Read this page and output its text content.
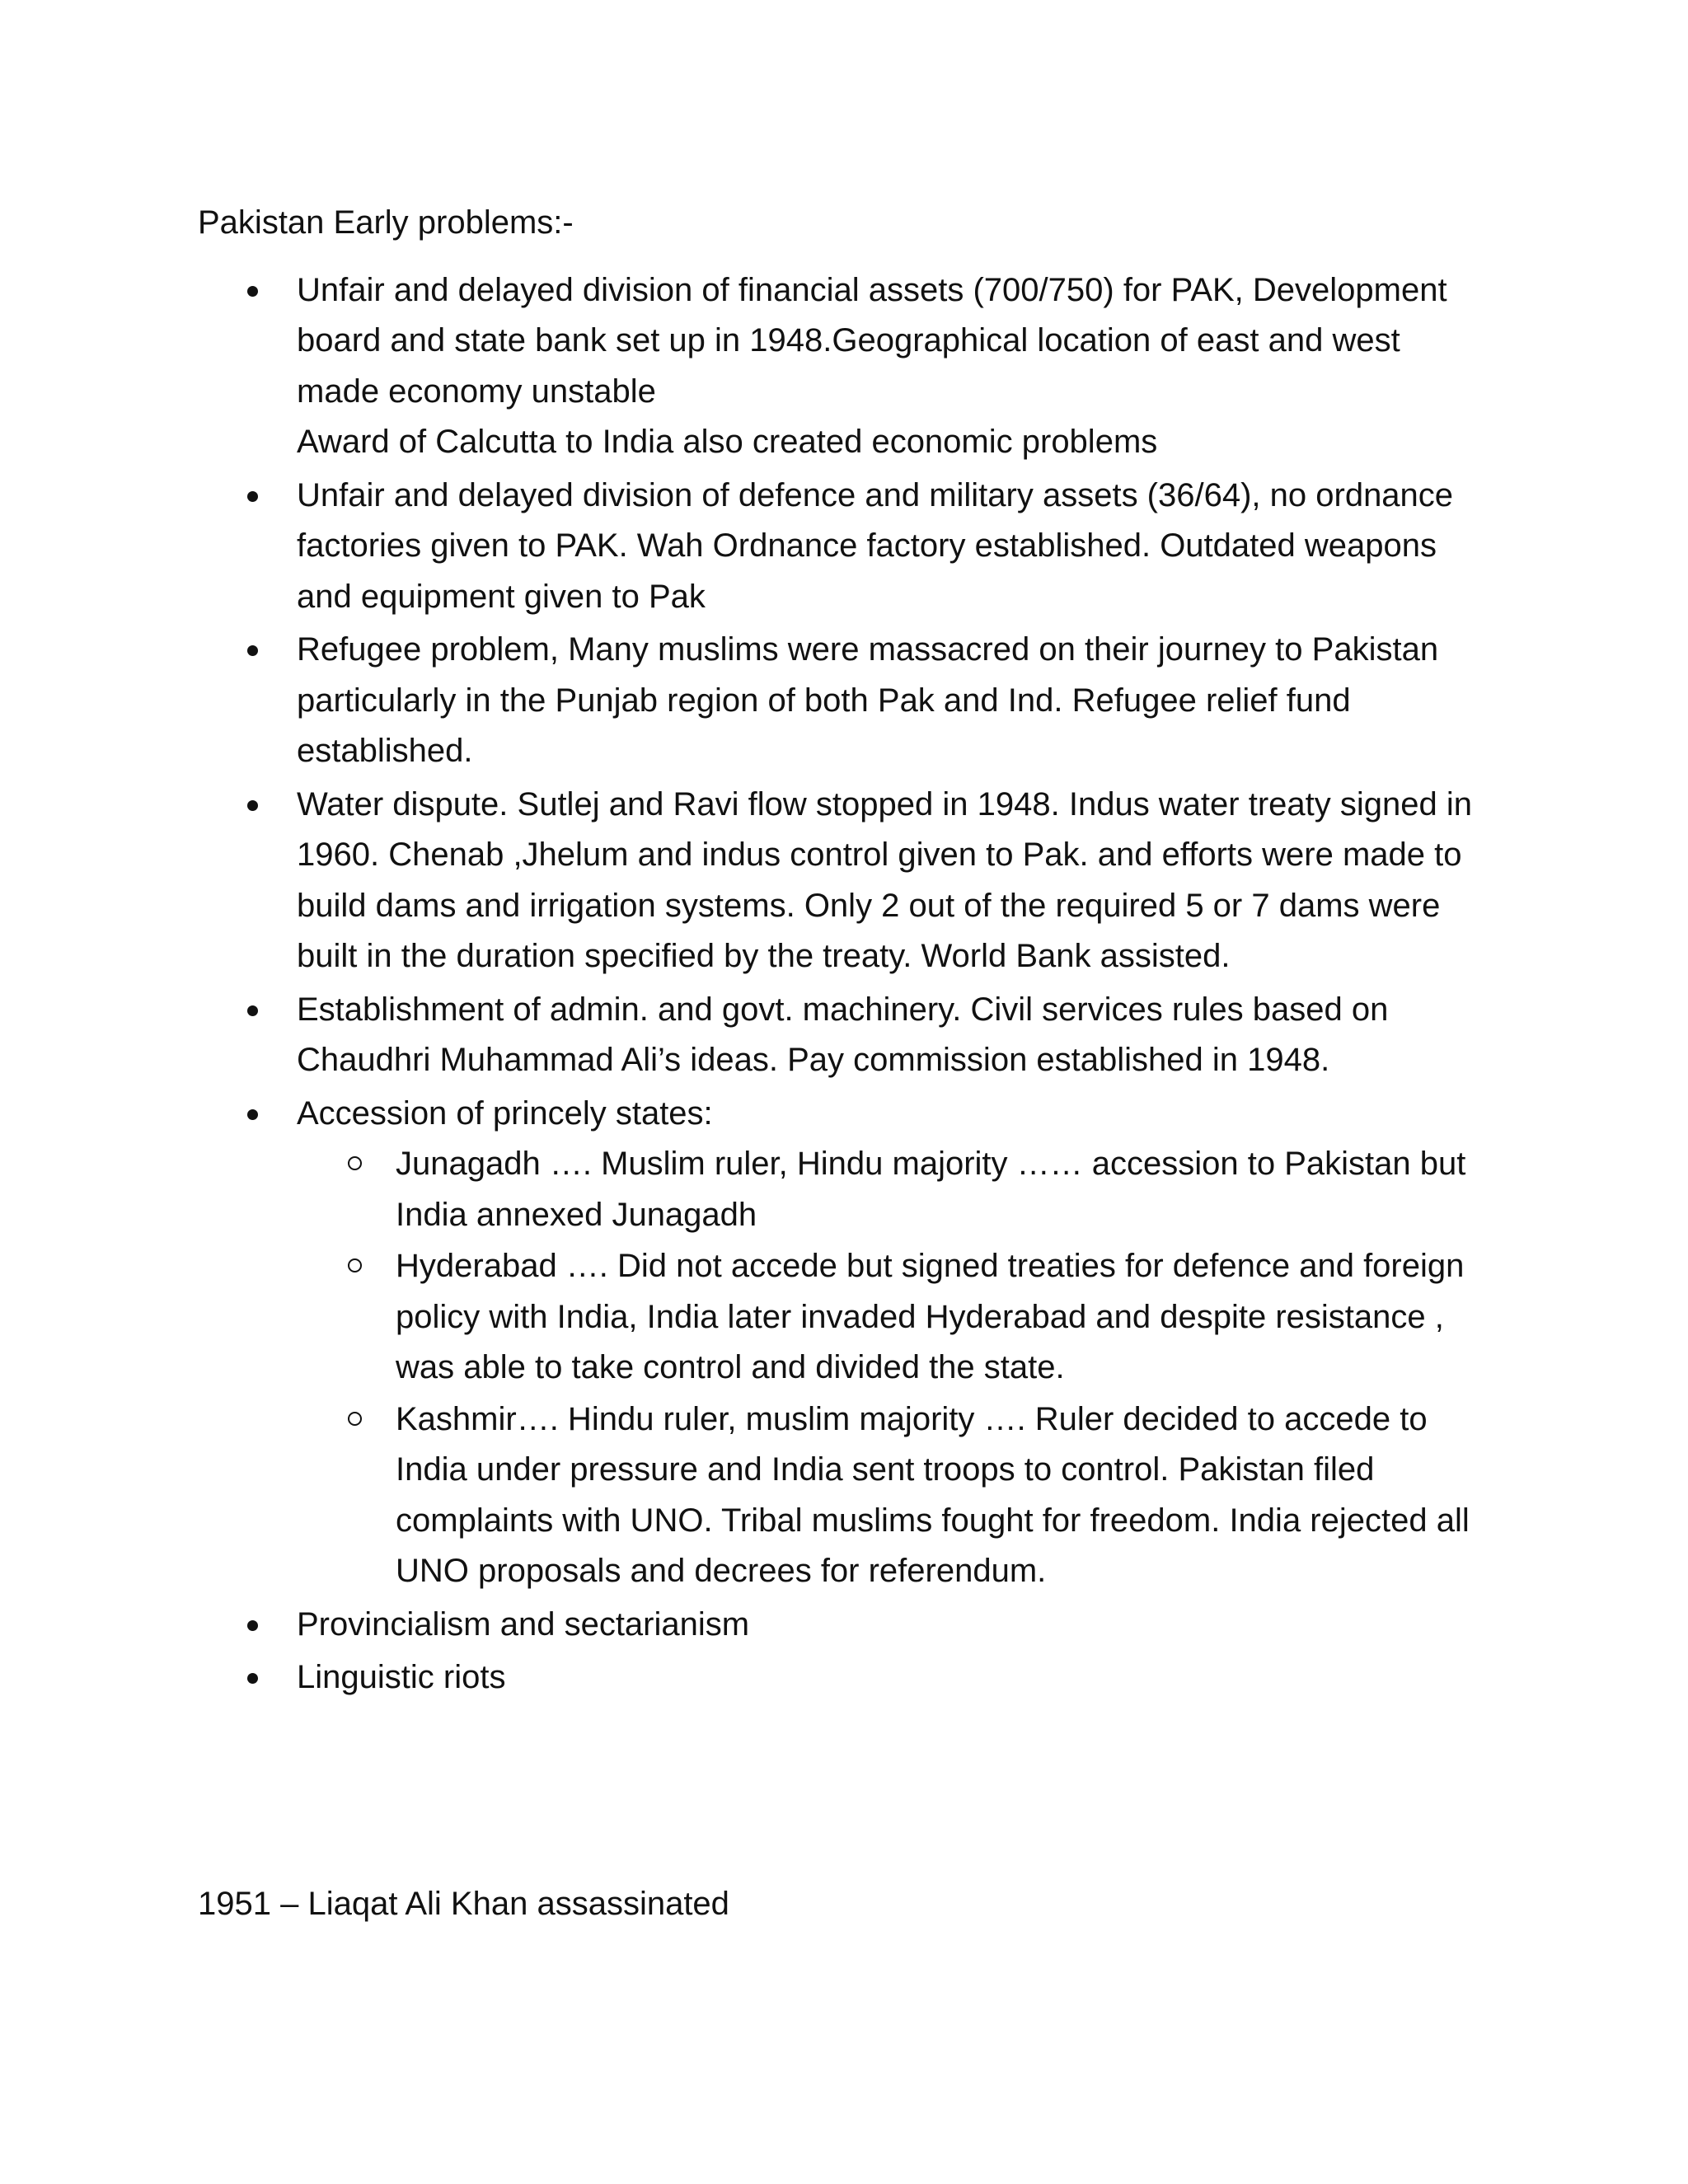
Pakistan Early problems:-
Unfair and delayed division of financial assets (700/750) for PAK, Development board and state bank set up in 1948.Geographical location of east and west made economy unstable
Award of Calcutta to India also created economic problems
Unfair and delayed division of defence and military assets (36/64), no ordnance factories given to PAK. Wah Ordnance factory established. Outdated weapons and equipment given to Pak
Refugee problem, Many muslims were massacred on their journey to Pakistan particularly in the Punjab region of both Pak and Ind. Refugee relief fund established.
Water dispute. Sutlej and Ravi flow stopped in 1948. Indus water treaty signed in 1960. Chenab ,Jhelum and indus control given to Pak. and efforts were made to build dams and irrigation systems. Only 2 out of the required 5 or 7 dams were built in the duration specified by the treaty. World Bank assisted.
Establishment of admin. and govt. machinery. Civil services rules based on Chaudhri Muhammad Ali’s ideas. Pay commission established in 1948.
Accession of princely states:
Junagadh …. Muslim ruler, Hindu majority …… accession to Pakistan but India annexed Junagadh
Hyderabad …. Did not accede but signed treaties for defence and foreign policy with India, India later invaded Hyderabad and despite resistance , was able to take control and divided the state.
Kashmir…. Hindu ruler, muslim majority …. Ruler decided to accede to India under pressure and India sent troops to control. Pakistan filed complaints with UNO. Tribal muslims fought for freedom. India rejected all UNO proposals and decrees for referendum.
Provincialism and sectarianism
Linguistic riots
1951 – Liaqat Ali Khan assassinated
